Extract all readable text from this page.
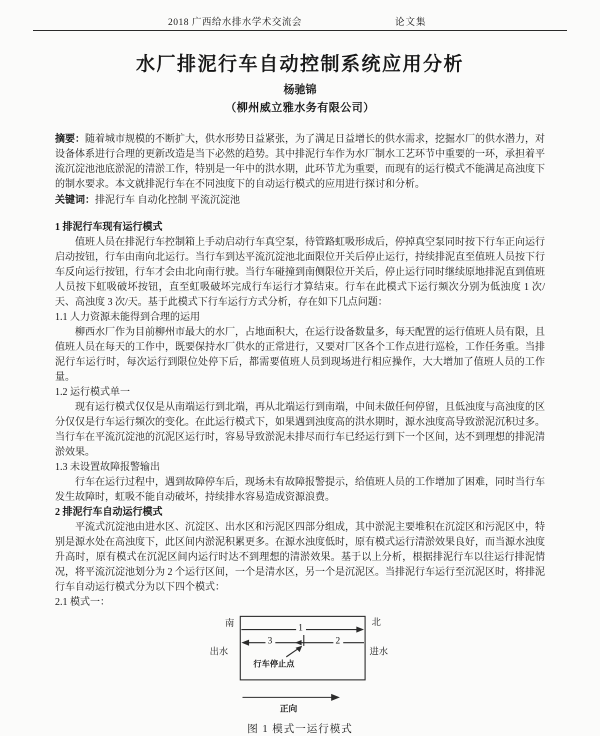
2018 广西给水排水学术交流会	论文集
水厂排泥行车自动控制系统应用分析
杨驰锦
（柳州威立雅水务有限公司）

摘要：随着城市规模的不断扩大，供水形势日益紧张，为了满足日益增长的供水需求，挖掘水厂的供水潜力，对设备体系进行合理的更新改造是当下必然的趋势。其中排泥行车作为水厂制水工艺环节中重要的一环，承担着平流沉淀池池底淤泥的清淤工作，特别是一年中的洪水期，此环节尤为重要，而现有的运行模式不能满足高浊度下的制水要求。本文就排泥行车在不同浊度下的自动运行模式的应用进行探讨和分析。

关键词：排泥行车 自动化控制 平流沉淀池

1 排泥行车现有运行模式

值班人员在排泥行车控制箱上手动启动行车真空泵，待管路虹吸形成后，停掉真空泵同时按下行车正向运行启动按钮，行车由南向北运行。当行车到达平流沉淀池北面限位开关后停止运行，持续排泥直至值班人员按下行车反向运行按钮，行车才会由北向南行驶。当行车碰撞到南侧限位开关后，停止运行同时继续原地排泥直到值班人员按下虹吸破坏按钮，直至虹吸破坏完成行车运行才算结束。行车在此模式下运行频次分别为低浊度 1 次/天、高浊度 3 次/天。基于此模式下行车运行方式分析，存在如下几点问题：

1.1 人力资源未能得到合理的运用

柳西水厂作为目前柳州市最大的水厂，占地面积大，在运行设备数量多，每天配置的运行值班人员有限，且值班人员在每天的工作中，既要保持水厂供水的正常进行，又要对厂区各个工作点进行巡检，工作任务重。当排泥行车运行时，每次运行到限位处停下后，都需要值班人员到现场进行相应操作，大大增加了值班人员的工作量。

1.2 运行模式单一

现有运行模式仅仅是从南端运行到北端，再从北端运行到南端，中间未做任何停留，且低浊度与高浊度的区分仅仅是行车运行频次的变化。在此运行模式下，如果遇到浊度高的洪水期时，源水浊度高导致淤泥沉积过多。当行车在平流沉淀池的沉泥区运行时，容易导致淤泥未排尽而行车已经运行到下一个区间，达不到理想的排泥清淤效果。

1.3 未设置故障报警输出

行车在运行过程中，遇到故障停车后，现场未有故障报警提示，给值班人员的工作增加了困难，同时当行车发生故障时，虹吸不能自动破坏，持续排水容易造成资源浪费。

2 排泥行车自动运行模式

平流式沉淀池由进水区、沉淀区、出水区和污泥区四部分组成，其中淤泥主要堆积在沉淀区和污泥区中，特别是源水处在高浊度下，此区间内淤泥积累更多。在源水浊度低时，原有模式运行清淤效果良好，而当源水浊度升高时，原有模式在沉泥区间内运行时达不到理想的清淤效果。基于以上分析，根据排泥行车以往运行排泥情况，将平流沉淀池划分为 2 个运行区间，一个是清水区，另一个是沉泥区。当排泥行车运行至沉泥区时，将排泥行车自动运行模式分为以下四个模式：

2.1 模式一：

1
3	2
行车停止点
南	北
出水	进水
正向
图 1 模式一运行模式
